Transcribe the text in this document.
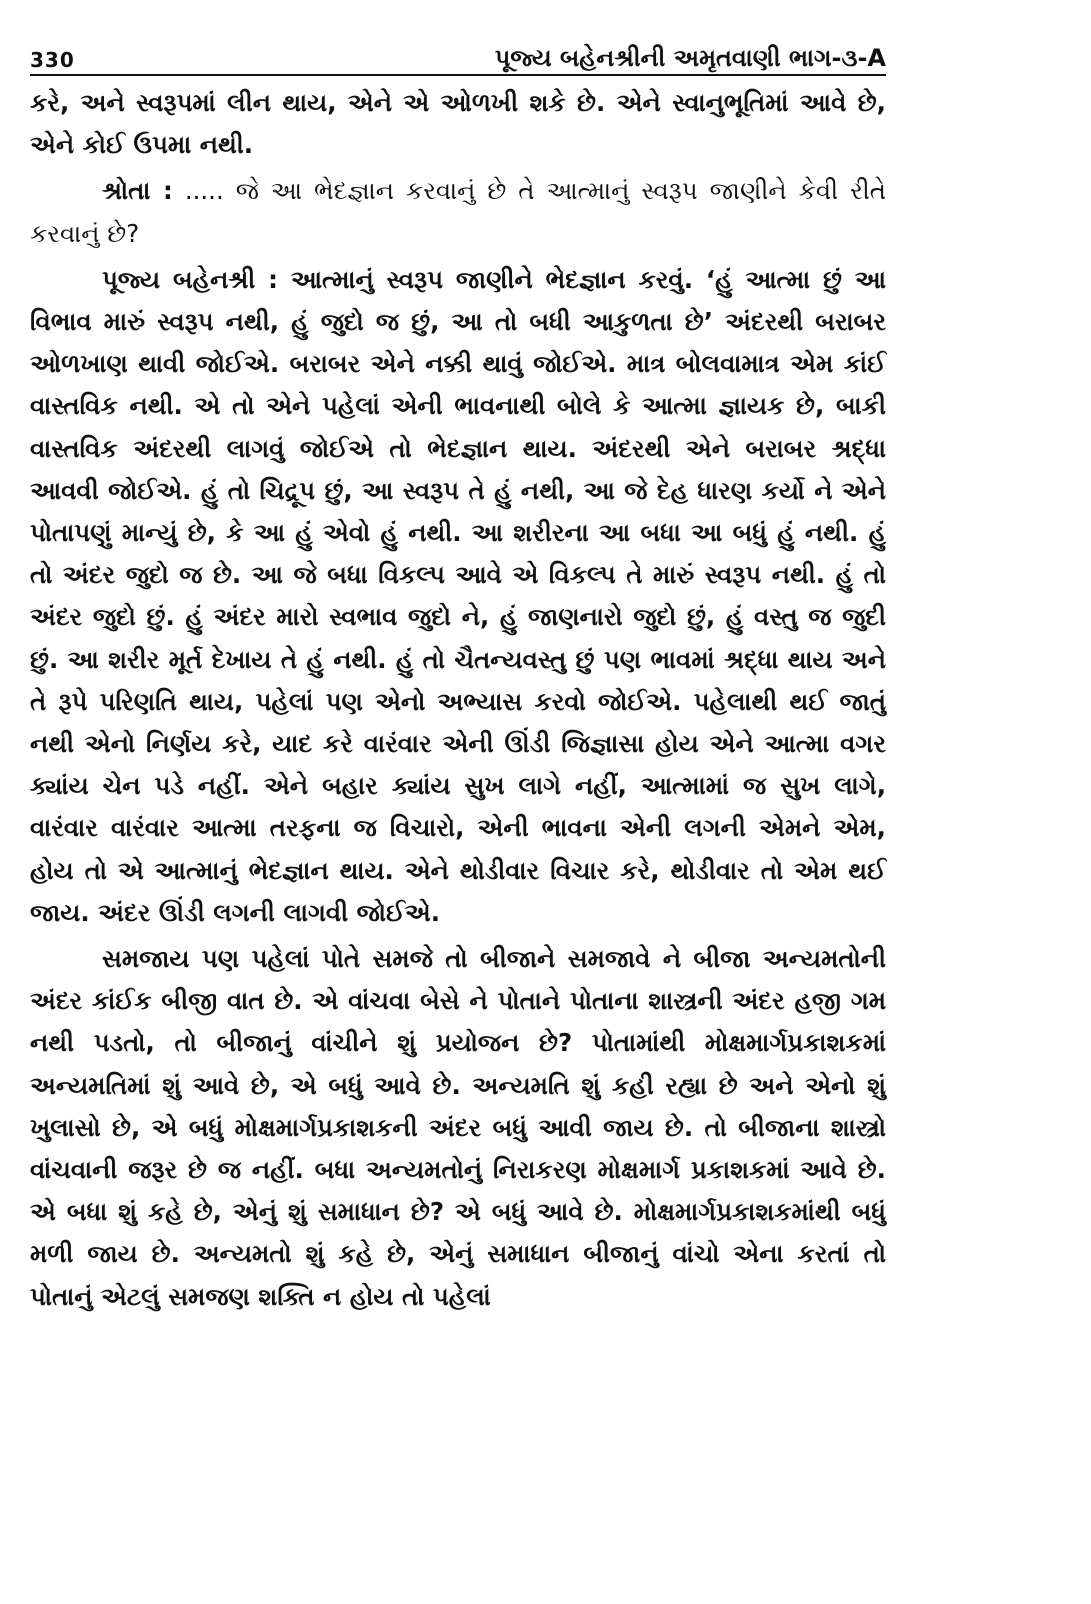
330	પૂજ્ય બહેનશ્રીની અમૃતવાણી ભાગ-૩-A

કરે, અને સ્વરૂપમાં લીન થાય, એને એ ઓળખી શકે છે. એને સ્વાનુભૂતિમાં આવે છે, એને કોઈ ઉપમા નથી.

શ્રોતા : ..... જે આ ભેદજ્ઞાન કરવાનું છે તે આત્માનું સ્વરૂપ જાણીને કેવી રીતે કરવાનું છે?

પૂજ્ય બહેનશ્રી : આત્માનું સ્વરૂપ જાણીને ભેદજ્ઞાન કરવું. ‘હું આત્મા છું આ વિભાવ મારું સ્વરૂપ નથી, હું જુદો જ છું, આ તો બધી આકુળતા છે’ અંદરથી બરાબર ઓળખાણ થાવી જોઈએ. બરાબર એને નક્કી થાવું જોઈએ. માત્ર બોલવામાત્ર એમ કાંઈ વાસ્તવિક નથી. એ તો એને પહેલાં એની ભાવનાથી બોલે કે આત્મા જ્ઞાયક છે, બાકી વાસ્તવિક અંદરથી લાગવું જોઈએ તો ભેદજ્ઞાન થાય. અંદરથી એને બરાબર શ્રદ્ધા આવવી જોઈએ. હું તો ચિદ્રૂપ છું, આ સ્વરૂપ તે હું નથી, આ જે દેહ ધારણ કર્યો ને એને પોતાપણું માન્યું છે, કે આ હું એવો હું નથી. આ શરીરના આ બધા આ બધું હું નથી. હું તો અંદર જુદો જ છે. આ જે બધા વિકલ્પ આવે એ વિકલ્પ તે મારું સ્વરૂપ નથી. હું તો અંદર જુદો છું. હું અંદર મારો સ્વભાવ જુદો ને, હું જાણનારો જુદો છું, હું વસ્તુ જ જુદી છું. આ શરીર મૂર્ત દેખાય તે હું નથી. હું તો ચૈતન્યવસ્તુ છું પણ ભાવમાં શ્રદ્ધા થાય અને તે રૂપે પરિણતિ થાય, પહેલાં પણ એનો અભ્યાસ કરવો જોઈએ. પહેલાથી થઈ જાતું નથી એનો નિર્ણય કરે, યાદ કરે વારંવાર એની ઊંડી જિજ્ઞાસા હોય એને આત્મા વગર ક્યાંય ચેન પડે નહીં. એને બહાર ક્યાંય સુખ લાગે નહીં, આત્મામાં જ સુખ લાગે, વારંવાર વારંવાર આત્મા તરફના જ વિચારો, એની ભાવના એની લગની એમને એમ, હોય તો એ આત્માનું ભેદજ્ઞાન થાય. એને થોડીવાર વિચાર કરે, થોડીવાર તો એમ થઈ જાય. અંદર ઊંડી લગની લાગવી જોઈએ.

સમજાય પણ પહેલાં પોતે સમજે તો બીજાને સમજાવે ને બીજા અન્યમતોની અંદર કાંઈક બીજી વાત છે. એ વાંચવા બેસે ને પોતાને પોતાના શાસ્ત્રની અંદર હજી ગમ નથી પડતો, તો બીજાનું વાંચીને શું પ્રયોજન છે? પોતામાંથી મોક્ષમાર્ગપ્રકાશકમાં અન્યમતિમાં શું આવે છે, એ બધું આવે છે. અન્યમતિ શું કહી રહ્યા છે અને એનો શું ખુલાસો છે, એ બધું મોક્ષમાર્ગપ્રકાશકની અંદર બધું આવી જાય છે. તો બીજાના શાસ્ત્રો વાંચવાની જરૂર છે જ નહીં. બધા અન્યમતોનું નિરાકરણ મોક્ષમાર્ગ પ્રકાશકમાં આવે છે. એ બધા શું કહે છે, એનું શું સમાધાન છે? એ બધું આવે છે. મોક્ષમાર્ગપ્રકાશકમાંથી બધું મળી જાય છે. અન્યમતો શું કહે છે, એનું સમાધાન બીજાનું વાંચો એના કરતાં તો પોતાનું એટલું સમજણ શક્તિ ન હોય તો પહેલાં
